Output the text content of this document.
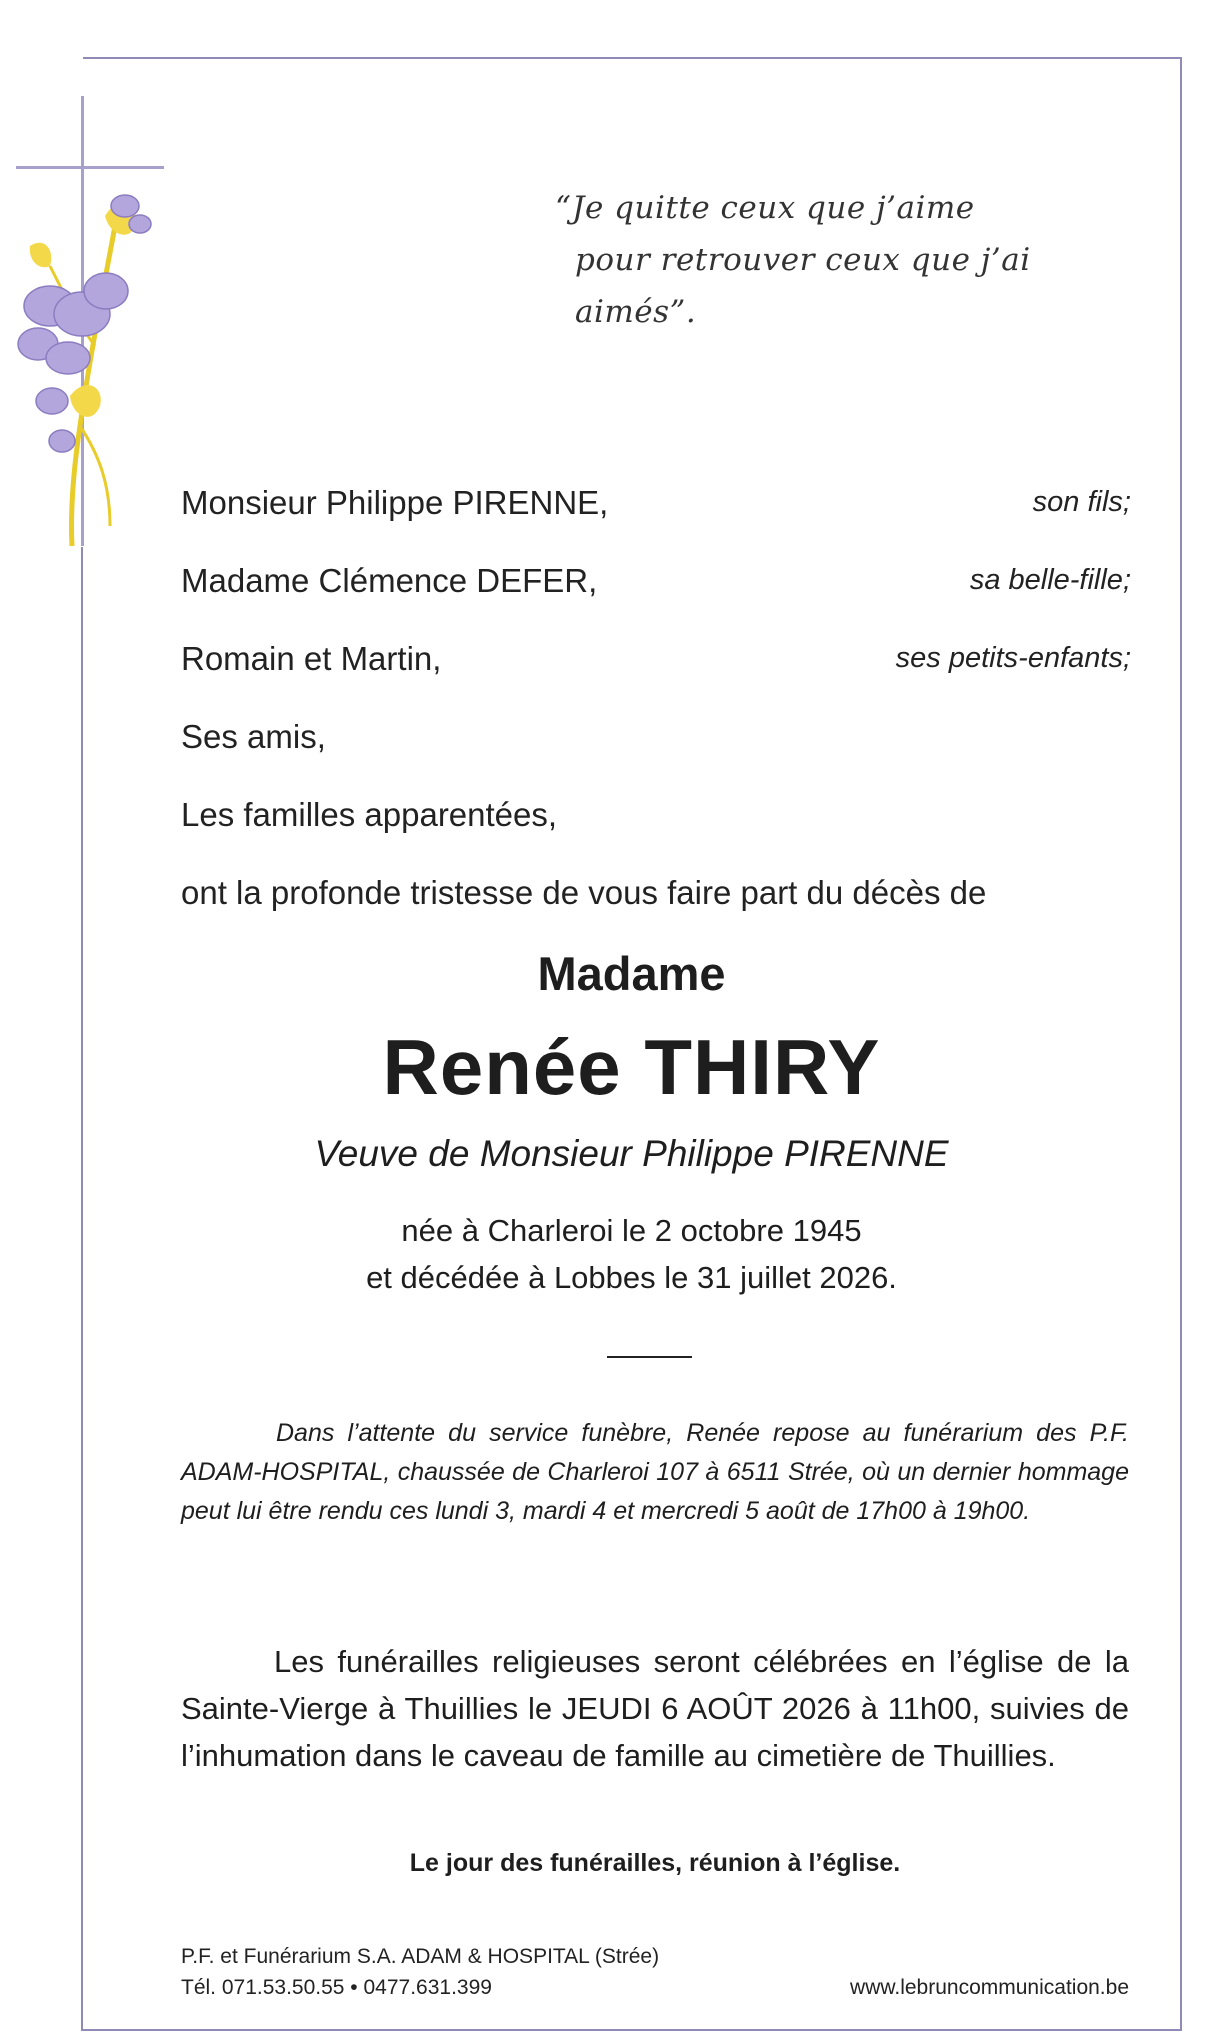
“Je quitte ceux que j’aime
pour retrouver ceux que j’ai aimés”.
Monsieur Philippe PIRENNE,	son fils;
Madame Clémence DEFER,	sa belle-fille;
Romain et Martin,	ses petits-enfants;
Ses amis,
Les familles apparentées,
ont la profonde tristesse de vous faire part du décès de
Madame
Renée THIRY
Veuve de Monsieur Philippe PIRENNE
née à Charleroi le 2 octobre 1945
et décédée à Lobbes le 31 juillet 2026.
Dans l’attente du service funèbre, Renée repose au funérarium des P.F. ADAM-HOSPITAL, chaussée de Charleroi 107 à 6511 Strée, où un dernier hommage peut lui être rendu ces lundi 3, mardi 4 et mercredi 5 août de 17h00 à 19h00.
Les funérailles religieuses seront célébrées en l’église de la Sainte-Vierge à Thuillies le JEUDI 6 AOÛT 2026 à 11h00, suivies de l’inhumation dans le caveau de famille au cimetière de Thuillies.
Le jour des funérailles, réunion à l’église.
P.F. et Funérarium S.A. ADAM & HOSPITAL (Strée)
Tél. 071.53.50.55 • 0477.631.399	www.lebruncommunication.be
